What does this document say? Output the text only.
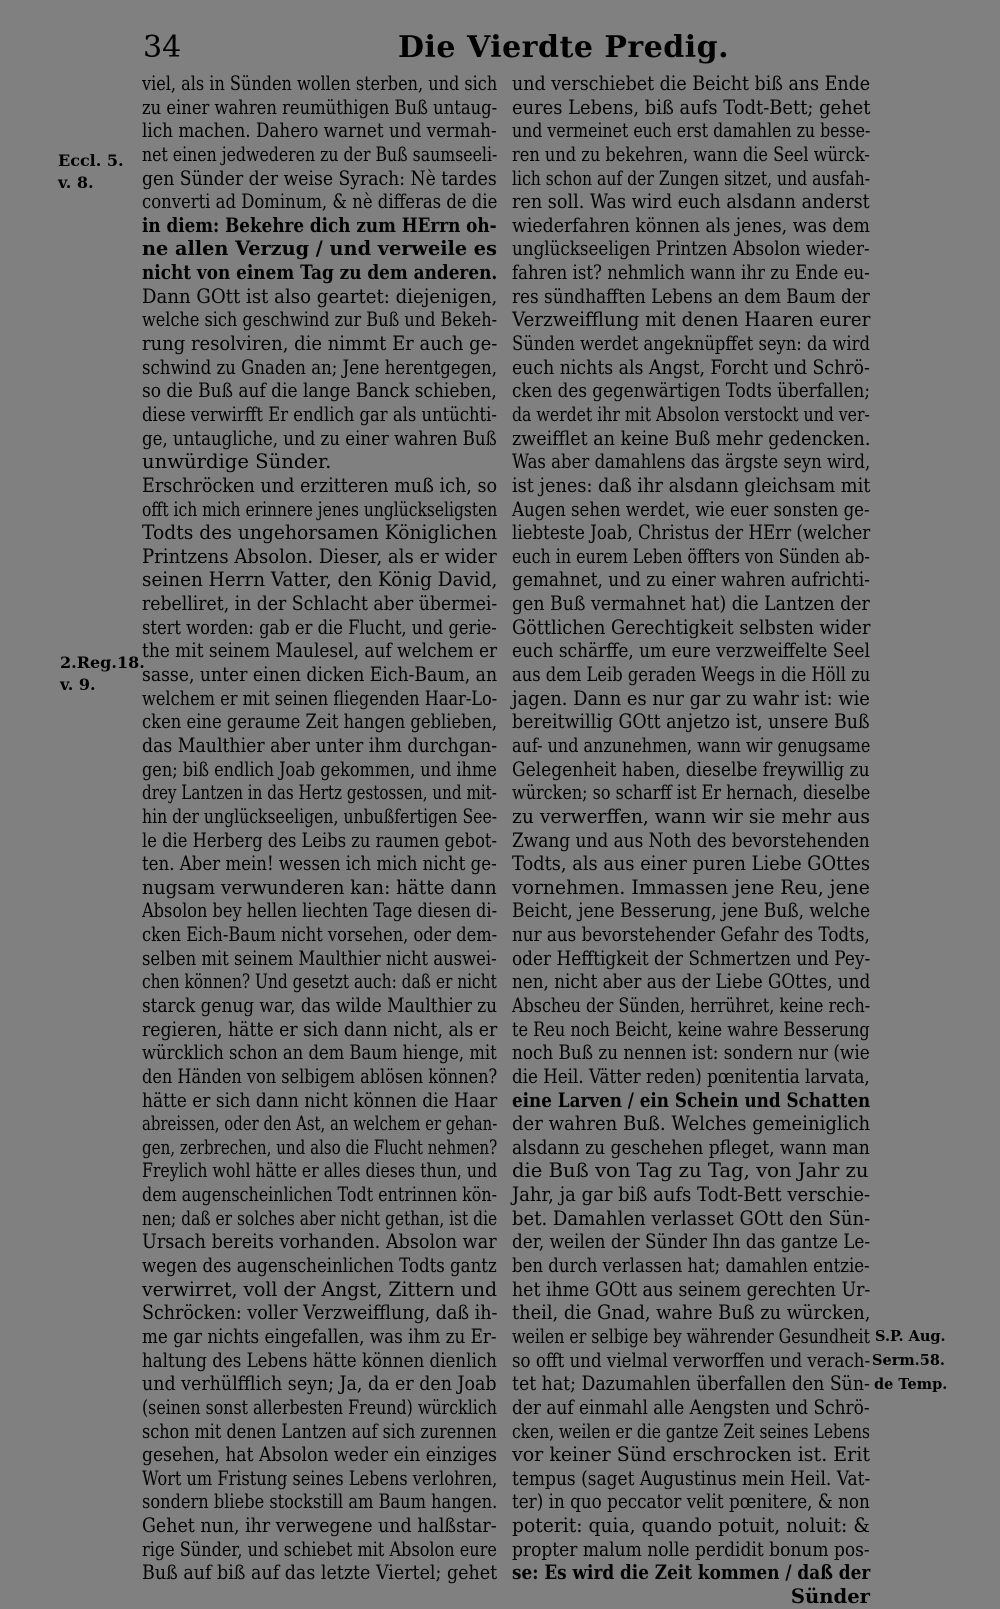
34	Die Vierdte Predig.
Eccl. 5.
v. 8.
2.Reg.18.
v. 9.
S.P. Aug.
Serm.58.
de Temp.
viel, als in Sünden wollen sterben, und sich
zu einer wahren reumüthigen Buß untaug-
lich machen. Dahero warnet und vermah-
net einen jedwederen zu der Buß saumseeli-
gen Sünder der weise Syrach: Nè tardes
converti ad Dominum, & nè differas de die
in diem: Bekehre dich zum HErrn oh-
ne allen Verzug / und verweile es
nicht von einem Tag zu dem anderen.
Dann GOtt ist also geartet: diejenigen,
welche sich geschwind zur Buß und Bekeh-
rung resolviren, die nimmt Er auch ge-
schwind zu Gnaden an; Jene herentgegen,
so die Buß auf die lange Banck schieben,
diese verwirfft Er endlich gar als untüchti-
ge, untaugliche, und zu einer wahren Buß
unwürdige Sünder.
Erschröcken und erzitteren muß ich, so
offt ich mich erinnere jenes unglückseligsten
Todts des ungehorsamen Königlichen
Printzens Absolon. Dieser, als er wider
seinen Herrn Vatter, den König David,
rebelliret, in der Schlacht aber übermei-
stert worden: gab er die Flucht, und gerie-
the mit seinem Maulesel, auf welchem er
sasse, unter einen dicken Eich-Baum, an
welchem er mit seinen fliegenden Haar-Lo-
cken eine geraume Zeit hangen geblieben,
das Maulthier aber unter ihm durchgan-
gen; biß endlich Joab gekommen, und ihme
drey Lantzen in das Hertz gestossen, und mit-
hin der unglückseeligen, unbußfertigen See-
le die Herberg des Leibs zu raumen gebot-
ten. Aber mein! wessen ich mich nicht ge-
nugsam verwunderen kan: hätte dann
Absolon bey hellen liechten Tage diesen di-
cken Eich-Baum nicht vorsehen, oder dem-
selben mit seinem Maulthier nicht auswei-
chen können? Und gesetzt auch: daß er nicht
starck genug war, das wilde Maulthier zu
regieren, hätte er sich dann nicht, als er
würcklich schon an dem Baum hienge, mit
den Händen von selbigem ablösen können?
hätte er sich dann nicht können die Haar
abreissen, oder den Ast, an welchem er gehan-
gen, zerbrechen, und also die Flucht nehmen?
Freylich wohl hätte er alles dieses thun, und
dem augenscheinlichen Todt entrinnen kön-
nen; daß er solches aber nicht gethan, ist die
Ursach bereits vorhanden. Absolon war
wegen des augenscheinlichen Todts gantz
verwirret, voll der Angst, Zittern und
Schröcken: voller Verzweifflung, daß ih-
me gar nichts eingefallen, was ihm zu Er-
haltung des Lebens hätte können dienlich
und verhülfflich seyn; Ja, da er den Joab
(seinen sonst allerbesten Freund) würcklich
schon mit denen Lantzen auf sich zurennen
gesehen, hat Absolon weder ein einziges
Wort um Fristung seines Lebens verlohren,
sondern bliebe stockstill am Baum hangen.
Gehet nun, ihr verwegene und halßstar-
rige Sünder, und schiebet mit Absolon eure
Buß auf biß auf das letzte Viertel; gehet
und verschiebet die Beicht biß ans Ende
eures Lebens, biß aufs Todt-Bett; gehet
und vermeinet euch erst damahlen zu besse-
ren und zu bekehren, wann die Seel würck-
lich schon auf der Zungen sitzet, und ausfah-
ren soll. Was wird euch alsdann anderst
wiederfahren können als jenes, was dem
unglückseeligen Printzen Absolon wieder-
fahren ist? nehmlich wann ihr zu Ende eu-
res sündhafften Lebens an dem Baum der
Verzweifflung mit denen Haaren eurer
Sünden werdet angeknüpffet seyn: da wird
euch nichts als Angst, Forcht und Schrö-
cken des gegenwärtigen Todts überfallen;
da werdet ihr mit Absolon verstockt und ver-
zweifflet an keine Buß mehr gedencken.
Was aber damahlens das ärgste seyn wird,
ist jenes: daß ihr alsdann gleichsam mit
Augen sehen werdet, wie euer sonsten ge-
liebteste Joab, Christus der HErr (welcher
euch in eurem Leben öffters von Sünden ab-
gemahnet, und zu einer wahren aufrichti-
gen Buß vermahnet hat) die Lantzen der
Göttlichen Gerechtigkeit selbsten wider
euch schärffe, um eure verzweiffelte Seel
aus dem Leib geraden Weegs in die Höll zu
jagen. Dann es nur gar zu wahr ist: wie
bereitwillig GOtt anjetzo ist, unsere Buß
auf- und anzunehmen, wann wir genugsame
Gelegenheit haben, dieselbe freywillig zu
würcken; so scharff ist Er hernach, dieselbe
zu verwerffen, wann wir sie mehr aus
Zwang und aus Noth des bevorstehenden
Todts, als aus einer puren Liebe GOttes
vornehmen. Immassen jene Reu, jene
Beicht, jene Besserung, jene Buß, welche
nur aus bevorstehender Gefahr des Todts,
oder Hefftigkeit der Schmertzen und Pey-
nen, nicht aber aus der Liebe GOttes, und
Abscheu der Sünden, herrühret, keine rech-
te Reu noch Beicht, keine wahre Besserung
noch Buß zu nennen ist: sondern nur (wie
die Heil. Vätter reden) pœnitentia larvata,
eine Larven / ein Schein und Schatten
der wahren Buß. Welches gemeiniglich
alsdann zu geschehen pfleget, wann man
die Buß von Tag zu Tag, von Jahr zu
Jahr, ja gar biß aufs Todt-Bett verschie-
bet. Damahlen verlasset GOtt den Sün-
der, weilen der Sünder Ihn das gantze Le-
ben durch verlassen hat; damahlen entzie-
het ihme GOtt aus seinem gerechten Ur-
theil, die Gnad, wahre Buß zu würcken,
weilen er selbige bey währender Gesundheit
so offt und vielmal verworffen und verach-
tet hat; Dazumahlen überfallen den Sün-
der auf einmahl alle Aengsten und Schrö-
cken, weilen er die gantze Zeit seines Lebens
vor keiner Sünd erschrocken ist. Erit
tempus (saget Augustinus mein Heil. Vat-
ter) in quo peccator velit pœnitere, & non
poterit: quia, quando potuit, noluit: &
propter malum nolle perdidit bonum pos-
se: Es wird die Zeit kommen / daß der
Sünder
